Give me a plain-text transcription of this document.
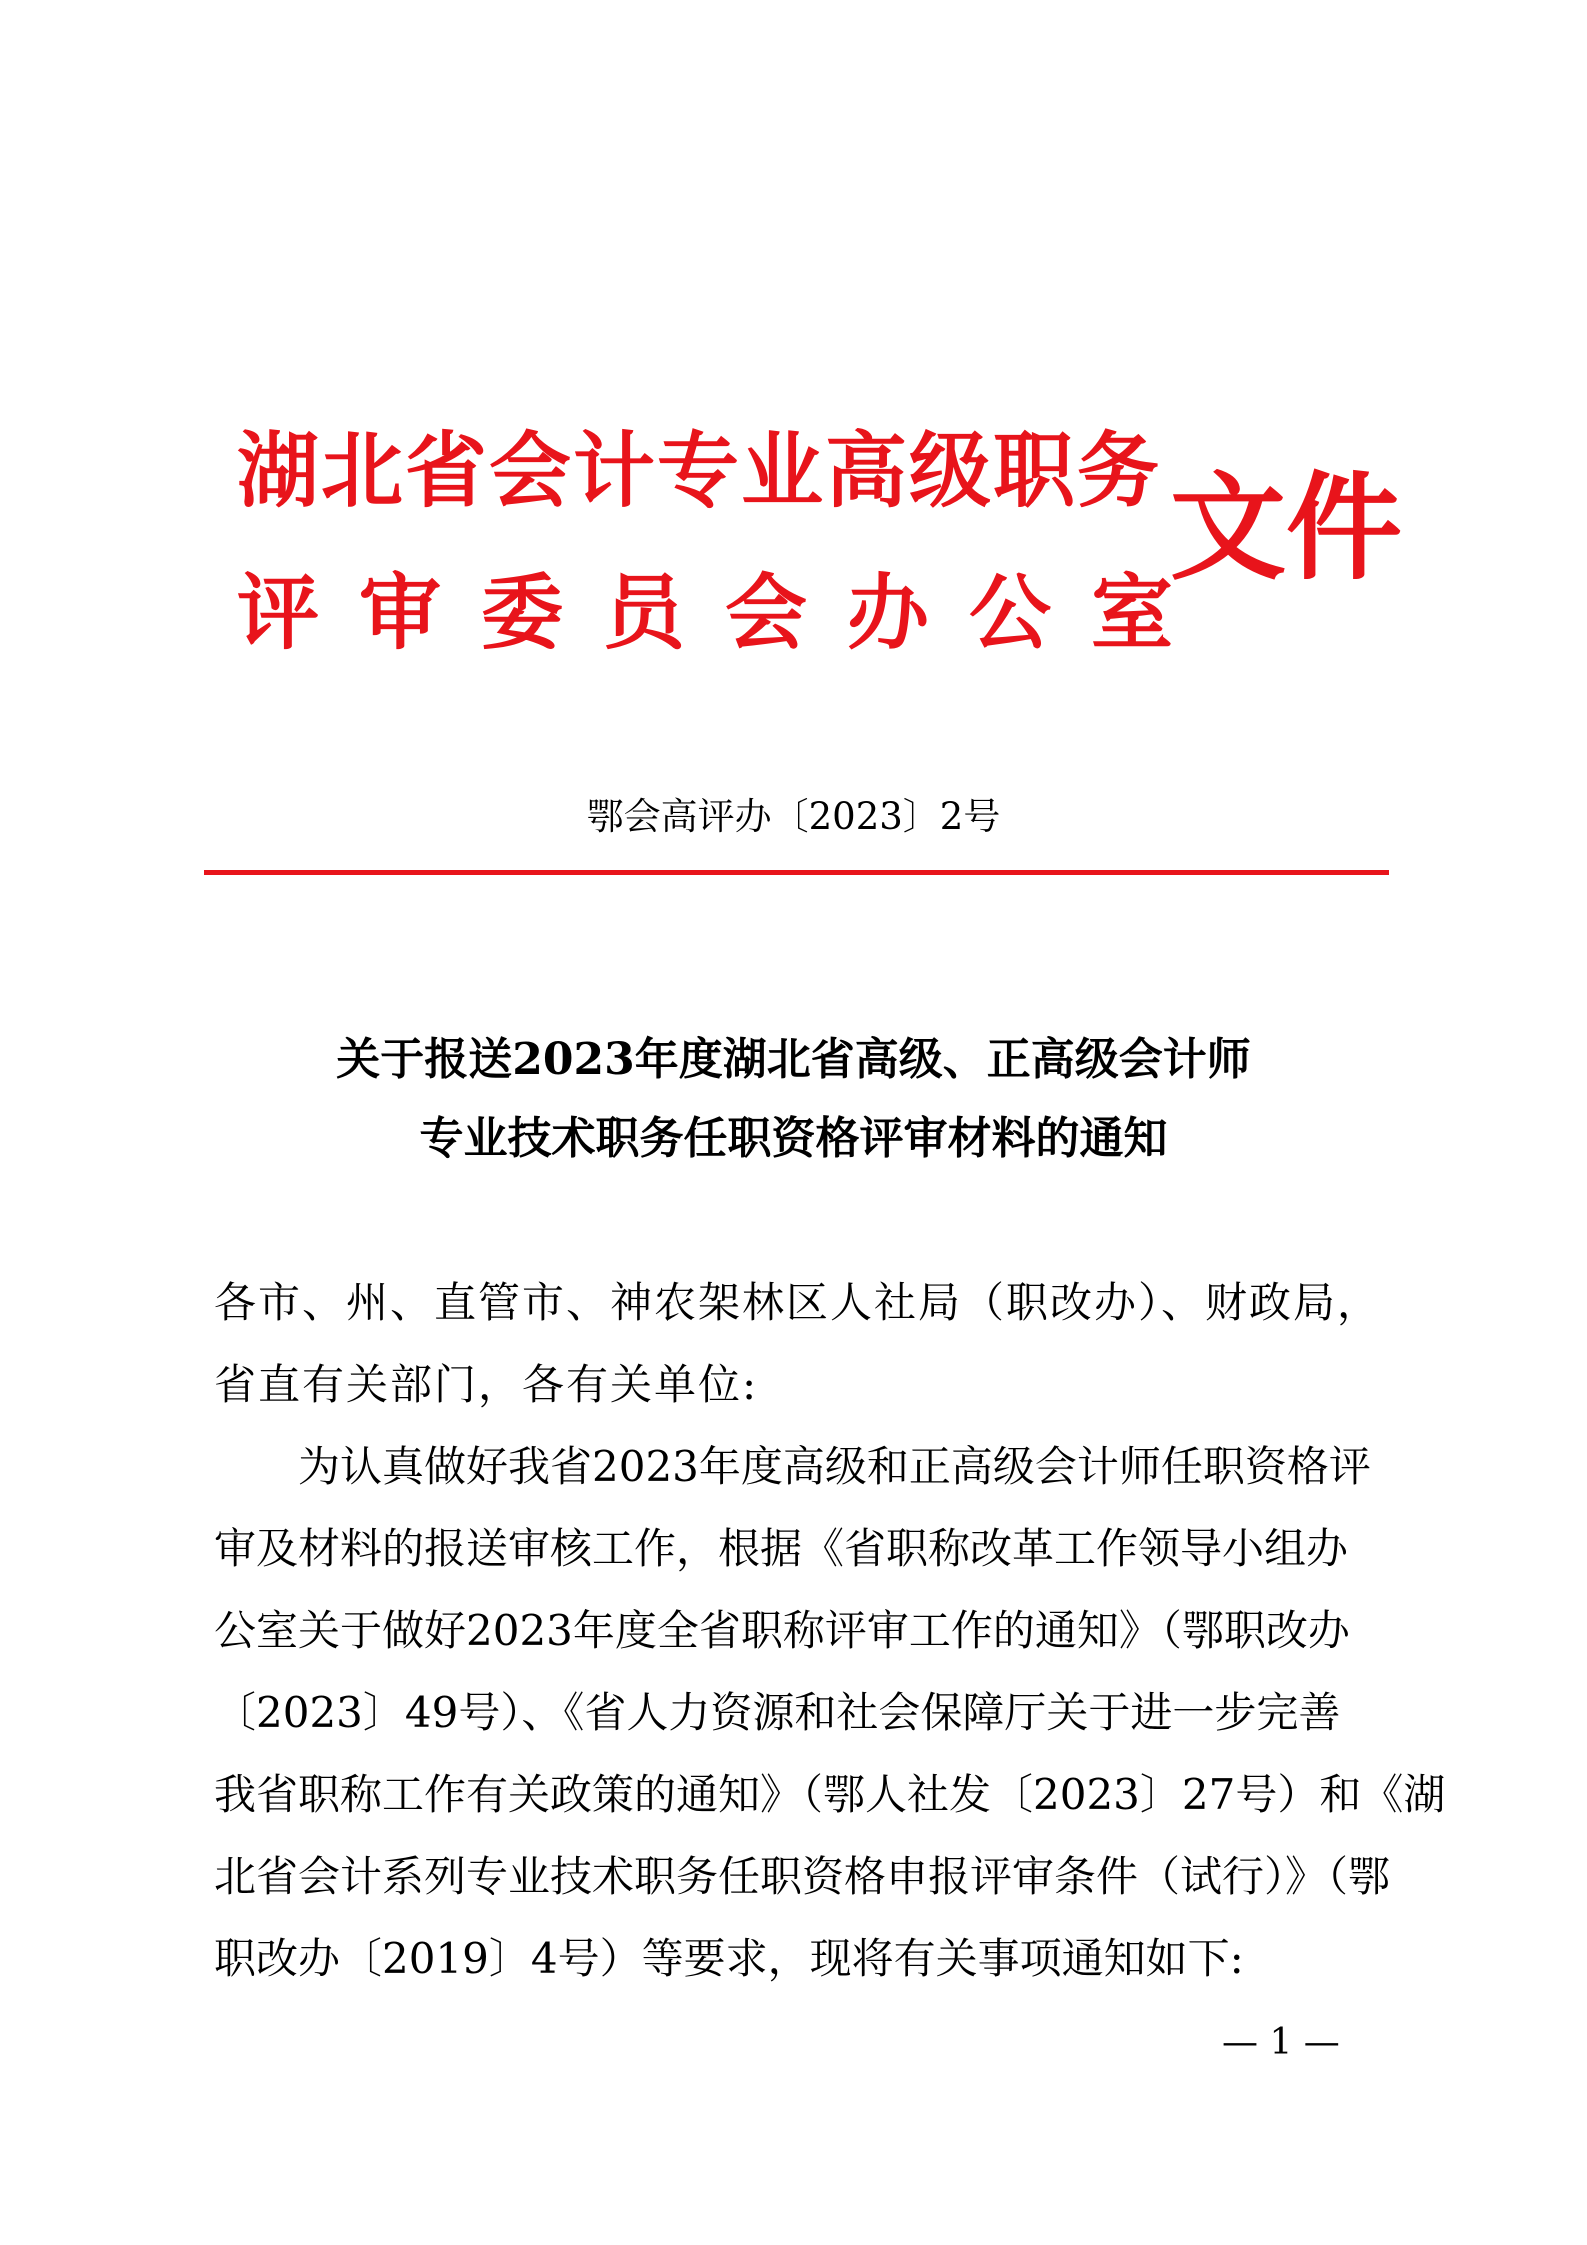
湖北省会计专业高级职务
评审委员会办公室
文件
鄂会高评办〔2023〕2号
关于报送2023年度湖北省高级、正高级会计师
专业技术职务任职资格评审材料的通知
各市、州、直管市、神农架林区人社局（职改办）、财政局，
省直有关部门，各有关单位:
　　为认真做好我省2023年度高级和正高级会计师任职资格评
审及材料的报送审核工作，根据《省职称改革工作领导小组办
公室关于做好2023年度全省职称评审工作的通知》（鄂职改办
〔2023〕49号）、《省人力资源和社会保障厅关于进一步完善
我省职称工作有关政策的通知》（鄂人社发〔2023〕27号）和《湖
北省会计系列专业技术职务任职资格申报评审条件（试行）》（鄂
职改办〔2019〕4号）等要求，现将有关事项通知如下:
— 1 —
